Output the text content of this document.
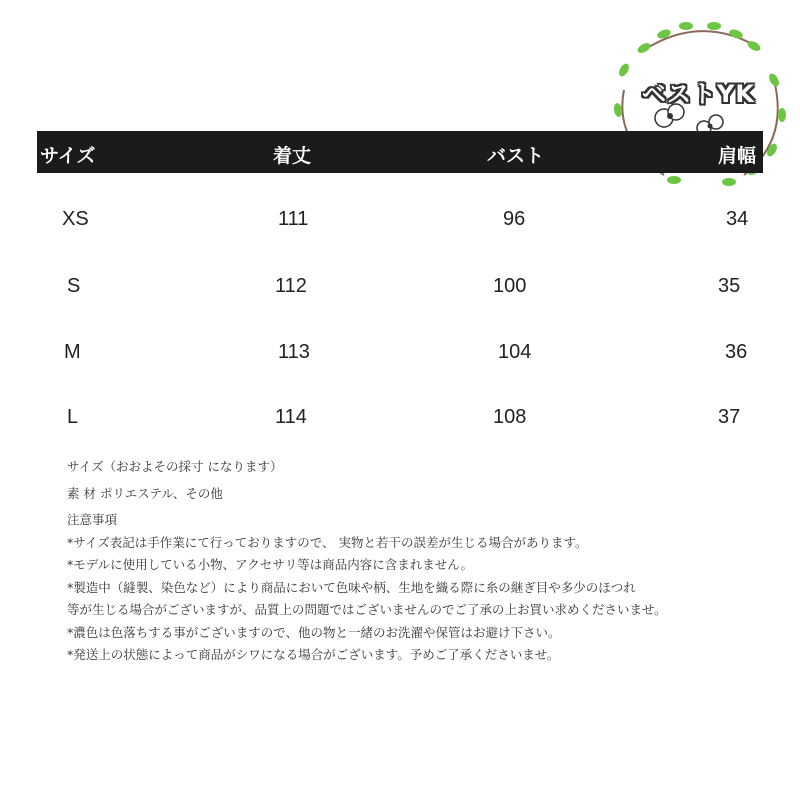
ベストYK
サイズ	着丈	バスト	肩幅
XS	111	96	34
S	112	100	35
M	113	104	36
L	114	108	37
サイズ（おおよその採寸 になります）
素 材 ポリエステル、その他
注意事項
*サイズ表記は手作業にて行っておりますので、 実物と若干の誤差が生じる場合があります。
*モデルに使用している小物、アクセサリ等は商品内容に含まれません。
*製造中（縫製、染色など）により商品において色味や柄、生地を織る際に糸の継ぎ目や多少のほつれ
等が生じる場合がございますが、品質上の問題ではございませんのでご了承の上お買い求めくださいませ。
*濃色は色落ちする事がございますので、他の物と一緒のお洗濯や保管はお避け下さい。
*発送上の状態によって商品がシワになる場合がございます。予めご了承くださいませ。
